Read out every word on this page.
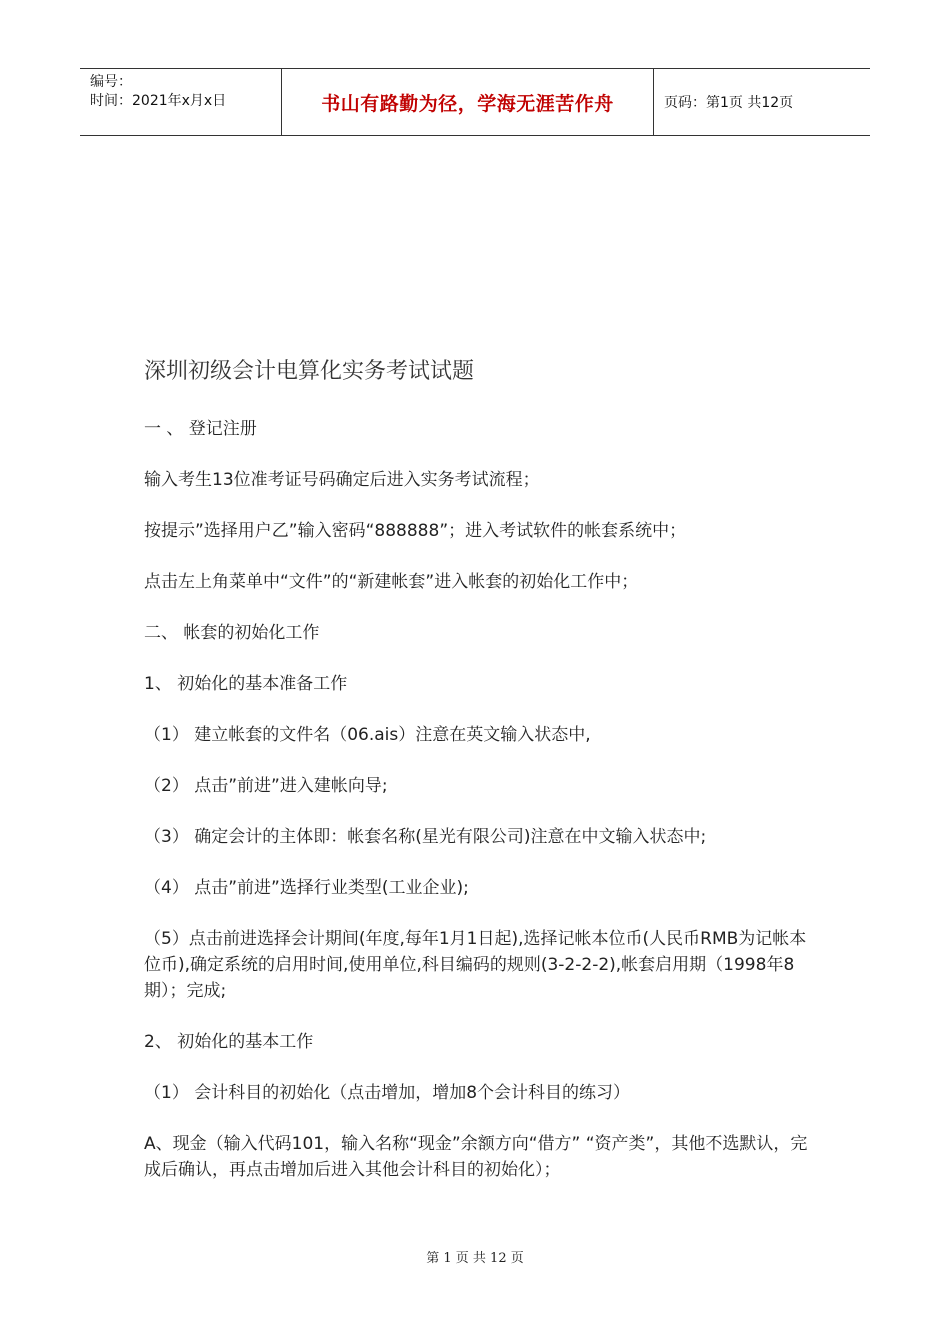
编号：
时间：2021年x月x日	书山有路勤为径，学海无涯苦作舟	页码：第1页 共12页
深圳初级会计电算化实务考试试题

一 、 登记注册

输入考生13位准考证号码确定后进入实务考试流程；

按提示”选择用户乙”输入密码“888888”；进入考试软件的帐套系统中；

点击左上角菜单中“文件”的“新建帐套”进入帐套的初始化工作中；

二、 帐套的初始化工作

1、 初始化的基本准备工作

（1） 建立帐套的文件名（06.ais）注意在英文输入状态中,

（2） 点击”前进”进入建帐向导;

（3） 确定会计的主体即：帐套名称(星光有限公司)注意在中文输入状态中;

（4） 点击”前进”选择行业类型(工业企业);

（5）点击前进选择会计期间(年度,每年1月1日起),选择记帐本位币(人民币RMB为记帐本位币),确定系统的启用时间,使用单位,科目编码的规则(3-2-2-2),帐套启用期（1998年8期）；完成;

2、 初始化的基本工作

（1） 会计科目的初始化（点击增加，增加8个会计科目的练习）

A、现金（输入代码101，输入名称“现金”余额方向“借方” “资产类”，其他不选默认，完成后确认，再点击增加后进入其他会计科目的初始化）；

第 1 页 共 12 页
